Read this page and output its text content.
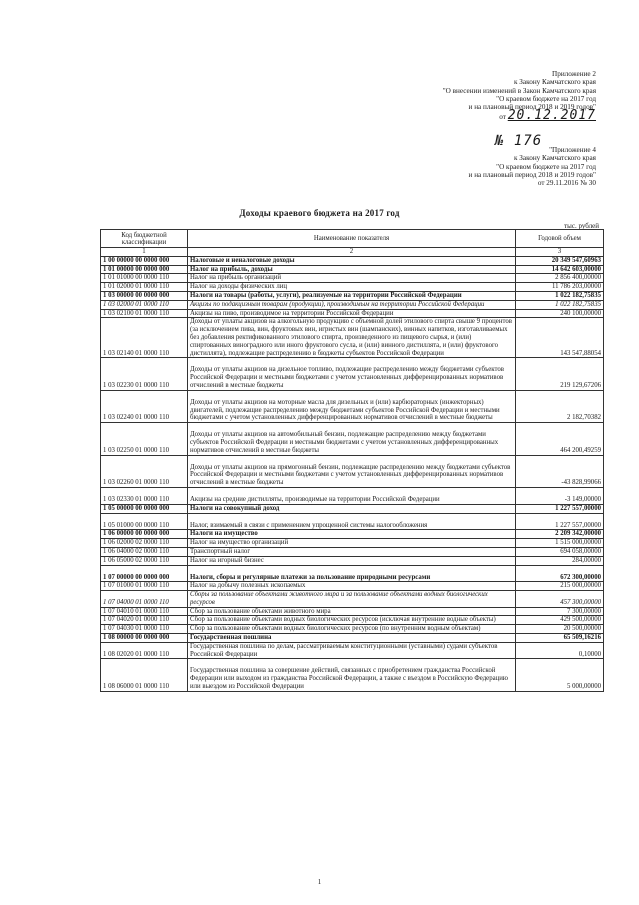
Приложение 2
к Закону Камчатского края
"О внесении изменений в Закон Камчатского края
"О краевом бюджете на 2017 год
и на плановый период 2018 и 2019 годов"
от 20.12.2017
№ 176
"Приложение 4
к Закону Камчатского края
"О краевом бюджете на 2017 год
и на плановый период 2018 и 2019 годов"
от 29.11.2016 № 30
Доходы краевого бюджета на 2017 год
тыс. рублей
Код бюджетной классификации	Наименование показателя	Годовой объем
1	2	3
1 00 00000 00 0000 000	Налоговые и неналоговые доходы	20 349 547,60963
1 01 00000 00 0000 000	Налог на прибыль, доходы	14 642 603,00000
1 01 01000 00 0000 110	Налог на прибыль организаций	2 856 400,00000
1 01 02000 01 0000 110	Налог на доходы физических лиц	11 786 203,00000
1 03 00000 00 0000 000	Налоги на товары (работы, услуги), реализуемые на территории Российской Федерации	1 022 182,75835
1 03 02000 01 0000 110	Акцизы по подакцизным товарам (продукции), производимым на территории Российской Федерации	1 022 182,75835
1 03 02100 01 0000 110	Акцизы на пиво, производимое на территории Российской Федерации	240 100,00000
1 03 02140 01 0000 110	Доходы от уплаты акцизов на алкогольную продукцию с объемной долей этилового спирта свыше 9 процентов (за исключением пива, вин, фруктовых вин, игристых вин (шампанских), винных напитков, изготавливаемых без добавления ректификованного этилового спирта, произведенного из пищевого сырья, и (или) спиртованных виноградного или иного фруктового сусла, и (или) винного дистиллята, и (или) фруктового дистиллята), подлежащие распределению в бюджеты субъектов Российской Федерации	143 547,88054
1 03 02230 01 0000 110	Доходы от уплаты акцизов на дизельное топливо, подлежащие распределению между бюджетами субъектов Российской Федерации и местными бюджетами с учетом установленных дифференцированных нормативов отчислений в местные бюджеты	219 129,67206
1 03 02240 01 0000 110	Доходы от уплаты акцизов на моторные масла для дизельных и (или) карбюраторных (инжекторных) двигателей, подлежащие распределению между бюджетами субъектов Российской Федерации и местными бюджетами с учетом установленных дифференцированных нормативов отчислений в местные бюджеты	2 182,70382
1 03 02250 01 0000 110	Доходы от уплаты акцизов на автомобильный бензин, подлежащие распределению между бюджетами субъектов Российской Федерации и местными бюджетами с учетом установленных дифференцированных нормативов отчислений в местные бюджеты	464 200,49259
1 03 02260 01 0000 110	Доходы от уплаты акцизов на прямогонный бензин, подлежащие распределению между бюджетами субъектов Российской Федерации и местными бюджетами с учетом установленных дифференцированных нормативов отчислений в местные бюджеты	-43 828,99066
1 03 02330 01 0000 110	Акцизы на средние дистилляты, производимые на территории Российской Федерации	-3 149,00000
1 05 00000 00 0000 000	Налоги на совокупный доход	1 227 557,00000
1 05 01000 00 0000 110	Налог, взимаемый в связи с применением упрощенной системы налогообложения	1 227 557,00000
1 06 00000 00 0000 000	Налоги на имущество	2 209 342,00000
1 06 02000 02 0000 110	Налог на имущество организаций	1 515 000,00000
1 06 04000 02 0000 110	Транспортный налог	694 058,00000
1 06 05000 02 0000 110	Налог на игорный бизнес	284,00000
1 07 00000 00 0000 000	Налоги, сборы и регулярные платежи за пользование природными ресурсами	672 300,00000
1 07 01000 01 0000 110	Налог на добычу полезных ископаемых	215 000,00000
1 07 04000 01 0000 110	Сборы за пользование объектами животного мира и за пользование объектами водных биологических ресурсов	457 300,00000
1 07 04010 01 0000 110	Сбор за пользование объектами животного мира	7 300,00000
1 07 04020 01 0000 110	Сбор за пользование объектами водных биологических ресурсов (исключая внутренние водные объекты)	429 500,00000
1 07 04030 01 0000 110	Сбор за пользование объектами водных биологических ресурсов (по внутренним водным объектам)	20 500,00000
1 08 00000 00 0000 000	Государственная пошлина	65 509,16216
1 08 02020 01 0000 110	Государственная пошлина по делам, рассматриваемым конституционными (уставными) судами субъектов Российской Федерации	0,10000
1 08 06000 01 0000 110	Государственная пошлина за совершение действий, связанных с приобретением гражданства Российской Федерации или выходом из гражданства Российской Федерации, а также с въездом в Российскую Федерацию или выездом из Российской Федерации	5 000,00000
1
